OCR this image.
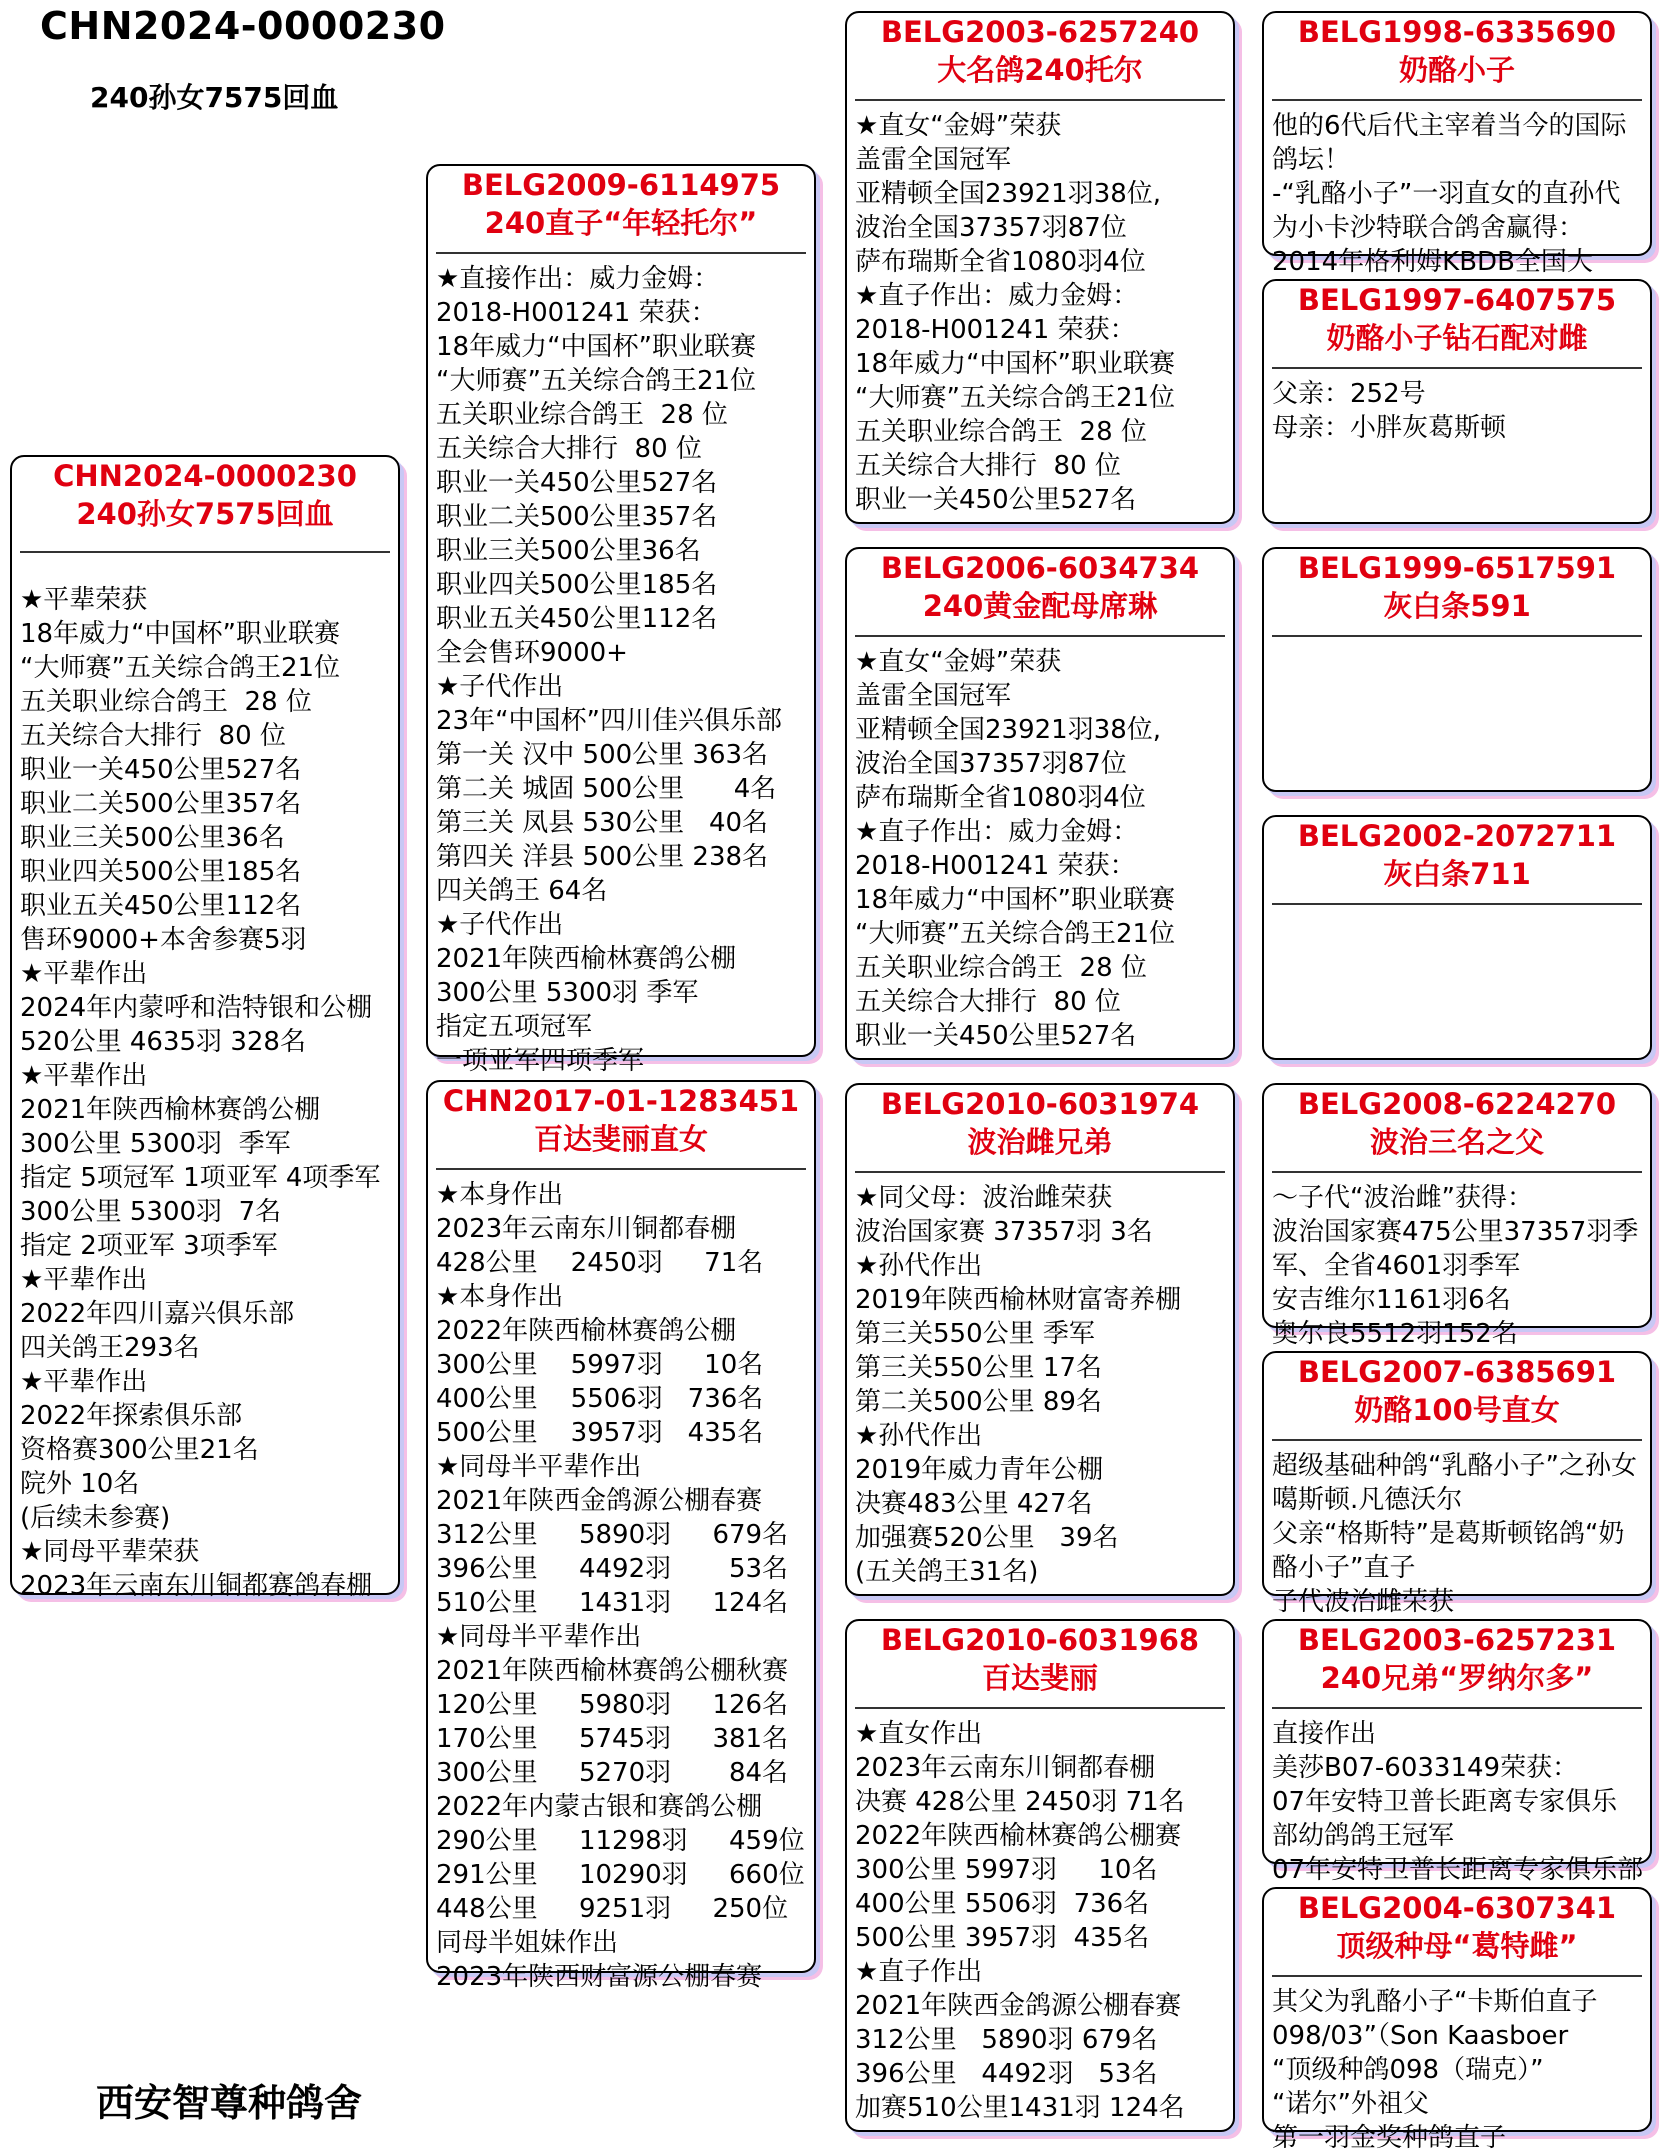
CHN2024-0000230
240孙女7575回血
西安智尊种鸽舍
CHN2024-0000230
240孙女7575回血
★平辈荣获
18年威力“中国杯”职业联赛
“大师赛”五关综合鸽王21位
五关职业综合鸽王  28 位
五关综合大排行  80 位
职业一关450公里527名
职业二关500公里357名
职业三关500公里36名
职业四关500公里185名
职业五关450公里112名
售环9000+本舍参赛5羽
★平辈作出
2024年内蒙呼和浩特银和公棚
520公里 4635羽 328名
★平辈作出
2021年陕西榆林赛鸽公棚
300公里 5300羽  季军
指定 5项冠军 1项亚军 4项季军
300公里 5300羽  7名
指定 2项亚军 3项季军
★平辈作出
2022年四川嘉兴俱乐部
四关鸽王293名
★平辈作出
2022年探索俱乐部
资格赛300公里21名
院外 10名
(后续未参赛)
★同母平辈荣获
2023年云南东川铜都赛鸽春棚
BELG2009-6114975
240直子“年轻托尔”
★直接作出：威力金姆：
2018-H001241 荣获：
18年威力“中国杯”职业联赛
“大师赛”五关综合鸽王21位
五关职业综合鸽王  28 位
五关综合大排行  80 位
职业一关450公里527名
职业二关500公里357名
职业三关500公里36名
职业四关500公里185名
职业五关450公里112名
全会售环9000+
★子代作出
23年“中国杯”四川佳兴俱乐部
第一关 汉中 500公里 363名
第二关 城固 500公里      4名
第三关 凤县 530公里   40名
第四关 洋县 500公里 238名
四关鸽王 64名
★子代作出
2021年陕西榆林赛鸽公棚
300公里 5300羽 季军
指定五项冠军
一项亚军四项季军
CHN2017-01-1283451
百达斐丽直女
★本身作出
2023年云南东川铜都春棚
428公里    2450羽     71名
★本身作出
2022年陕西榆林赛鸽公棚
300公里    5997羽     10名
400公里    5506羽   736名
500公里    3957羽   435名
★同母半平辈作出
2021年陕西金鸽源公棚春赛
312公里     5890羽     679名
396公里     4492羽       53名
510公里     1431羽     124名
★同母半平辈作出
2021年陕西榆林赛鸽公棚秋赛
120公里     5980羽     126名
170公里     5745羽     381名
300公里     5270羽       84名
2022年内蒙古银和赛鸽公棚
290公里     11298羽     459位
291公里     10290羽     660位
448公里     9251羽     250位
同母半姐妹作出
2023年陕西财富源公棚春赛
BELG2003-6257240
大名鸽240托尔
★直女“金姆”荣获
盖雷全国冠军
亚精顿全国23921羽38位,
波治全国37357羽87位
萨布瑞斯全省1080羽4位
★直子作出：威力金姆：
2018-H001241 荣获：
18年威力“中国杯”职业联赛
“大师赛”五关综合鸽王21位
五关职业综合鸽王  28 位
五关综合大排行  80 位
职业一关450公里527名
BELG2006-6034734
240黄金配母席琳
★直女“金姆”荣获
盖雷全国冠军
亚精顿全国23921羽38位,
波治全国37357羽87位
萨布瑞斯全省1080羽4位
★直子作出：威力金姆：
2018-H001241 荣获：
18年威力“中国杯”职业联赛
“大师赛”五关综合鸽王21位
五关职业综合鸽王  28 位
五关综合大排行  80 位
职业一关450公里527名
BELG2010-6031974
波治雌兄弟
★同父母：波治雌荣获
波治国家赛 37357羽 3名
★孙代作出
2019年陕西榆林财富寄养棚
第三关550公里 季军
第三关550公里 17名
第二关500公里 89名
★孙代作出
2019年威力青年公棚
决赛483公里 427名
加强赛520公里   39名
(五关鸽王31名)
BELG2010-6031968
百达斐丽
★直女作出
2023年云南东川铜都春棚
决赛 428公里 2450羽 71名
2022年陕西榆林赛鸽公棚赛
300公里 5997羽     10名
400公里 5506羽  736名
500公里 3957羽  435名
★直子作出
2021年陕西金鸽源公棚春赛
312公里   5890羽 679名
396公里   4492羽   53名
加赛510公里1431羽 124名
BELG1998-6335690
奶酪小子
他的6代后代主宰着当今的国际
鸽坛！
-“乳酪小子”一羽直女的直孙代
为小卡沙特联合鸽舍赢得：
2014年格利姆KBDB全国大
BELG1997-6407575
奶酪小子钻石配对雌
父亲：252号
母亲：小胖灰葛斯顿
BELG1999-6517591
灰白条591
BELG2002-2072711
灰白条711
BELG2008-6224270
波治三名之父
～子代“波治雌”获得：
波治国家赛475公里37357羽季
军、全省4601羽季军
安吉维尔1161羽6名
奥尔良5512羽152名
BELG2007-6385691
奶酪100号直女
超级基础种鸽“乳酪小子”之孙女
噶斯顿.凡德沃尔
父亲“格斯特”是葛斯顿铭鸽“奶
酪小子”直子
子代波治雌荣获
BELG2003-6257231
240兄弟“罗纳尔多”
直接作出
美莎B07-6033149荣获：
07年安特卫普长距离专家俱乐
部幼鸽鸽王冠军
07年安特卫普长距离专家俱乐部
BELG2004-6307341
顶级种母“葛特雌”
其父为乳酪小子“卡斯伯直子
098/03”（Son Kaasboer
“顶级种鸽098（瑞克）”
“诺尔”外祖父
第一羽金奖种鸽直子
